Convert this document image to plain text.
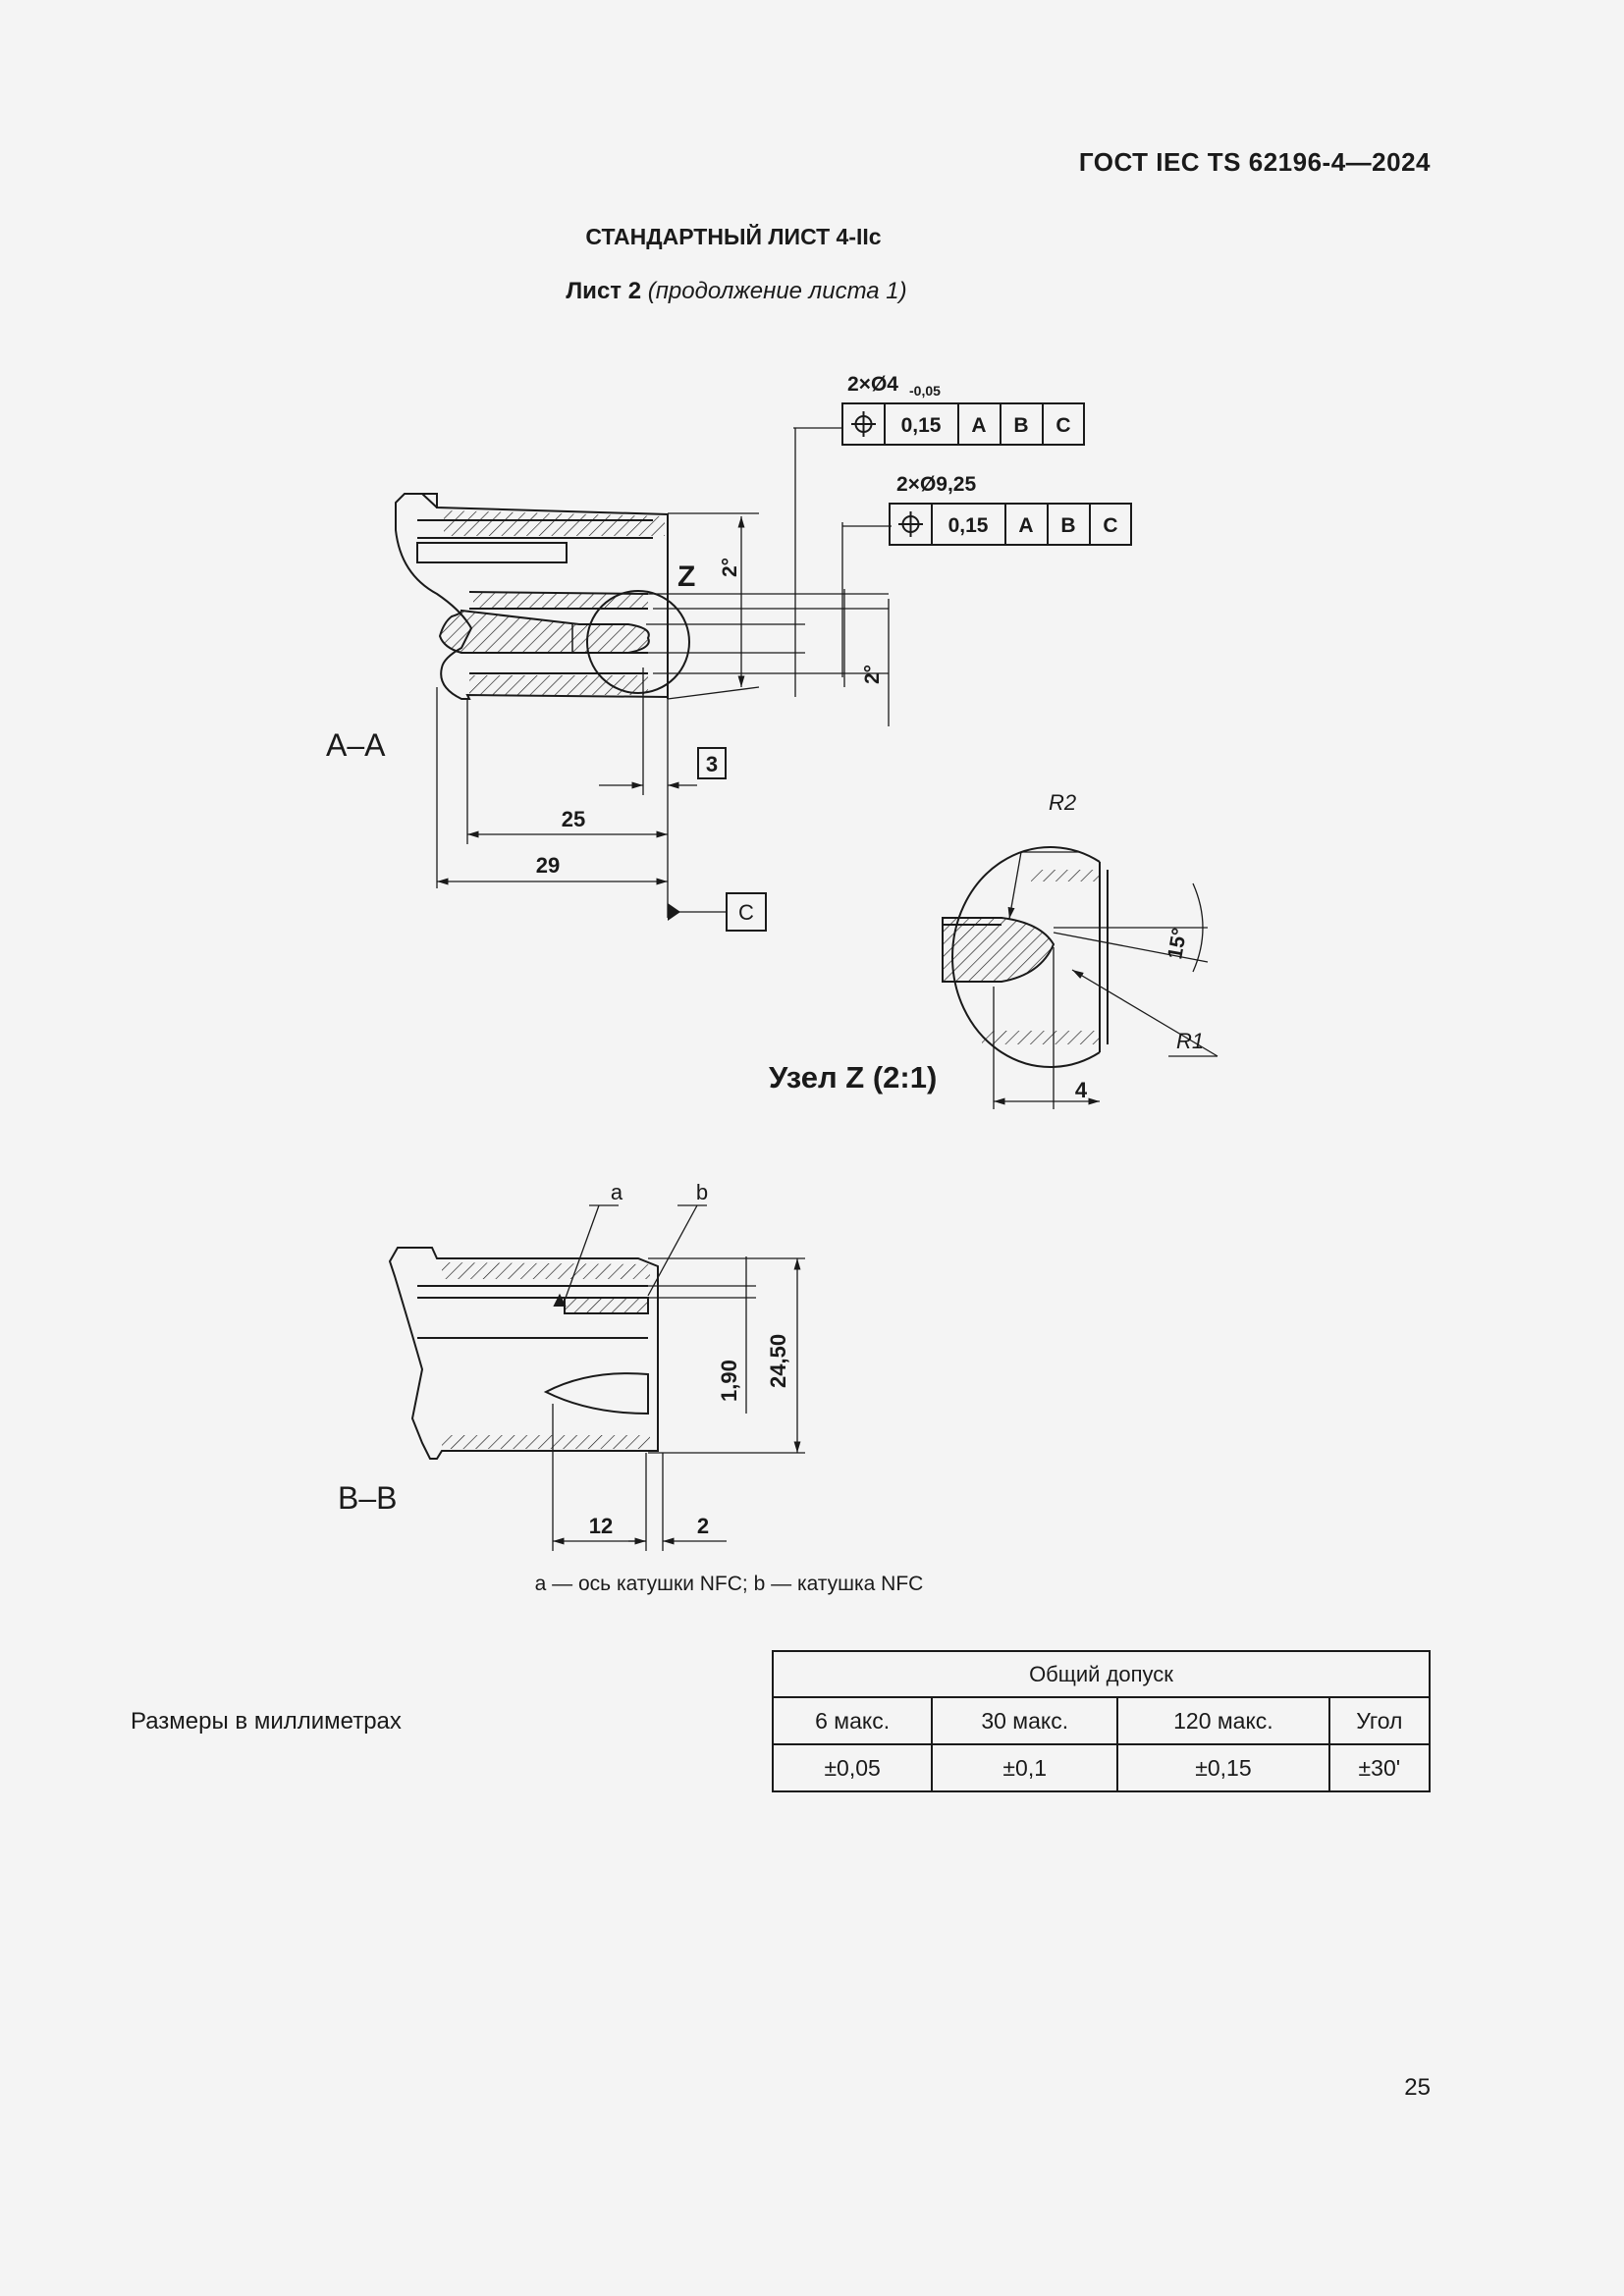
ГОСТ IEC TS 62196-4—2024
СТАНДАРТНЫЙ ЛИСТ 4-IIc
Лист 2 (продолжение листа 1)
Z
А–А
2°
2°
3
25
29
C
2×Ø4 -0,05
0,15 A B C
2×Ø9,25
0,15 A B C
R2
R1
15°
4
Узел Z (2:1)
a	b
1,90 24,50
12	2
В–В
a — ось катушки NFC; b — катушка NFC
Размеры в миллиметрах
Общий допуск			
6 макс.	30 макс.	120 макс.	Угол
±0,05	±0,1	±0,15	±30'
25
